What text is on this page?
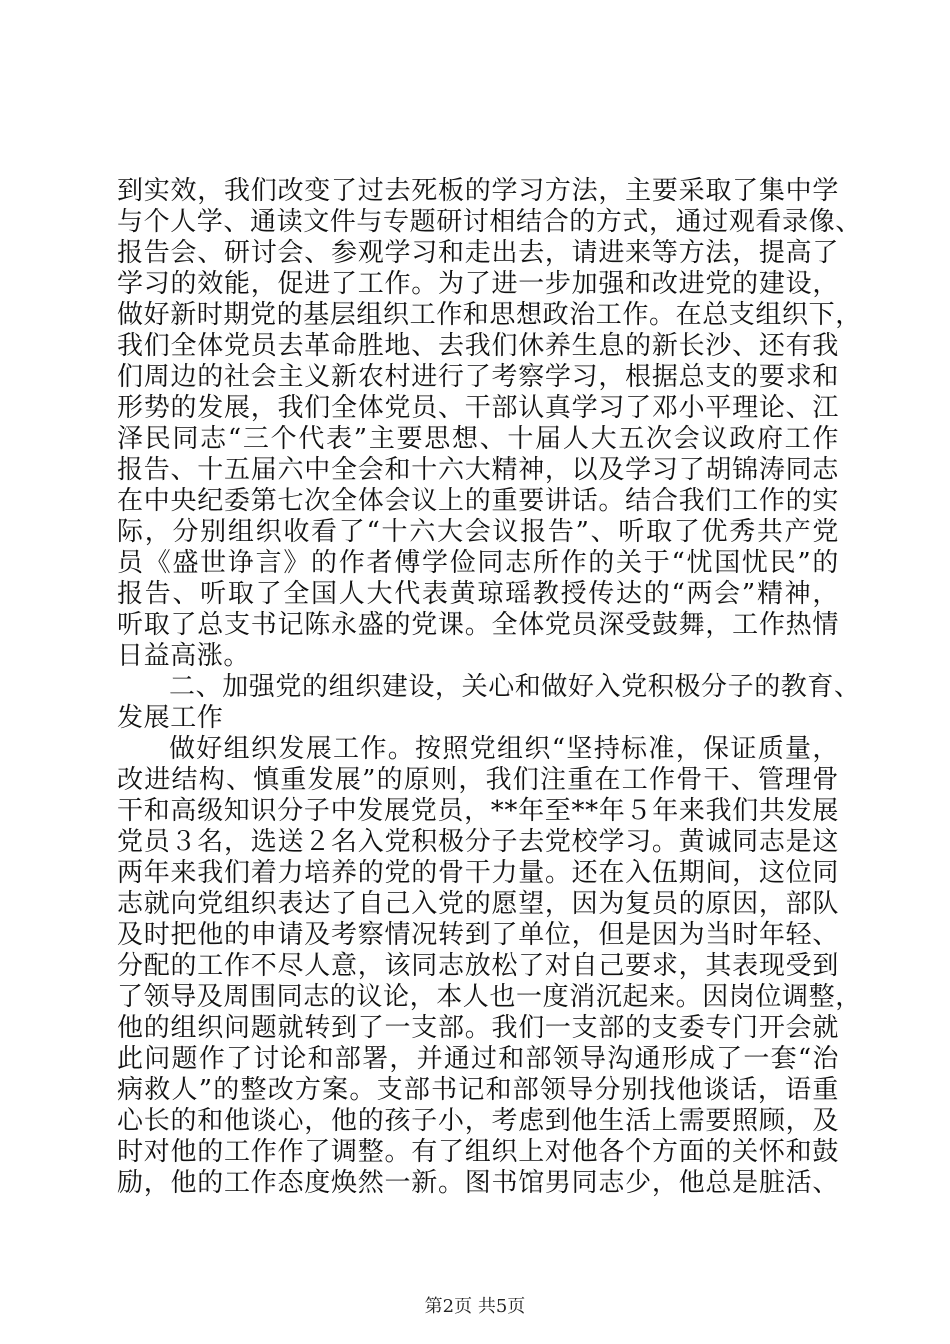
到实效，我们改变了过去死板的学习方法，主要采取了集中学
与个人学、通读文件与专题研讨相结合的方式，通过观看录像、
报告会、研讨会、参观学习和走出去，请进来等方法，提高了
学习的效能，促进了工作。为了进一步加强和改进党的建设，
做好新时期党的基层组织工作和思想政治工作。在总支组织下，
我们全体党员去革命胜地、去我们休养生息的新长沙、还有我
们周边的社会主义新农村进行了考察学习，根据总支的要求和
形势的发展，我们全体党员、干部认真学习了邓小平理论、江
泽民同志“三个代表”主要思想、十届人大五次会议政府工作
报告、十五届六中全会和十六大精神，以及学习了胡锦涛同志
在中央纪委第七次全体会议上的重要讲话。结合我们工作的实
际，分别组织收看了“十六大会议报告”、听取了优秀共产党
员《盛世诤言》的作者傅学俭同志所作的关于“忧国忧民”的
报告、听取了全国人大代表黄琼瑶教授传达的“两会”精神，
听取了总支书记陈永盛的党课。全体党员深受鼓舞，工作热情
日益高涨。
二、加强党的组织建设，关心和做好入党积极分子的教育、
发展工作
做好组织发展工作。按照党组织“坚持标准，保证质量，
改进结构、慎重发展”的原则，我们注重在工作骨干、管理骨
干和高级知识分子中发展党员，**年至**年５年来我们共发展
党员３名，选送２名入党积极分子去党校学习。黄诚同志是这
两年来我们着力培养的党的骨干力量。还在入伍期间，这位同
志就向党组织表达了自己入党的愿望，因为复员的原因，部队
及时把他的申请及考察情况转到了单位，但是因为当时年轻、
分配的工作不尽人意，该同志放松了对自己要求，其表现受到
了领导及周围同志的议论，本人也一度消沉起来。因岗位调整，
他的组织问题就转到了一支部。我们一支部的支委专门开会就
此问题作了讨论和部署，并通过和部领导沟通形成了一套“治
病救人”的整改方案。支部书记和部领导分别找他谈话，语重
心长的和他谈心，他的孩子小，考虑到他生活上需要照顾，及
时对他的工作作了调整。有了组织上对他各个方面的关怀和鼓
励，他的工作态度焕然一新。图书馆男同志少，他总是脏活、
第2页 共5页
